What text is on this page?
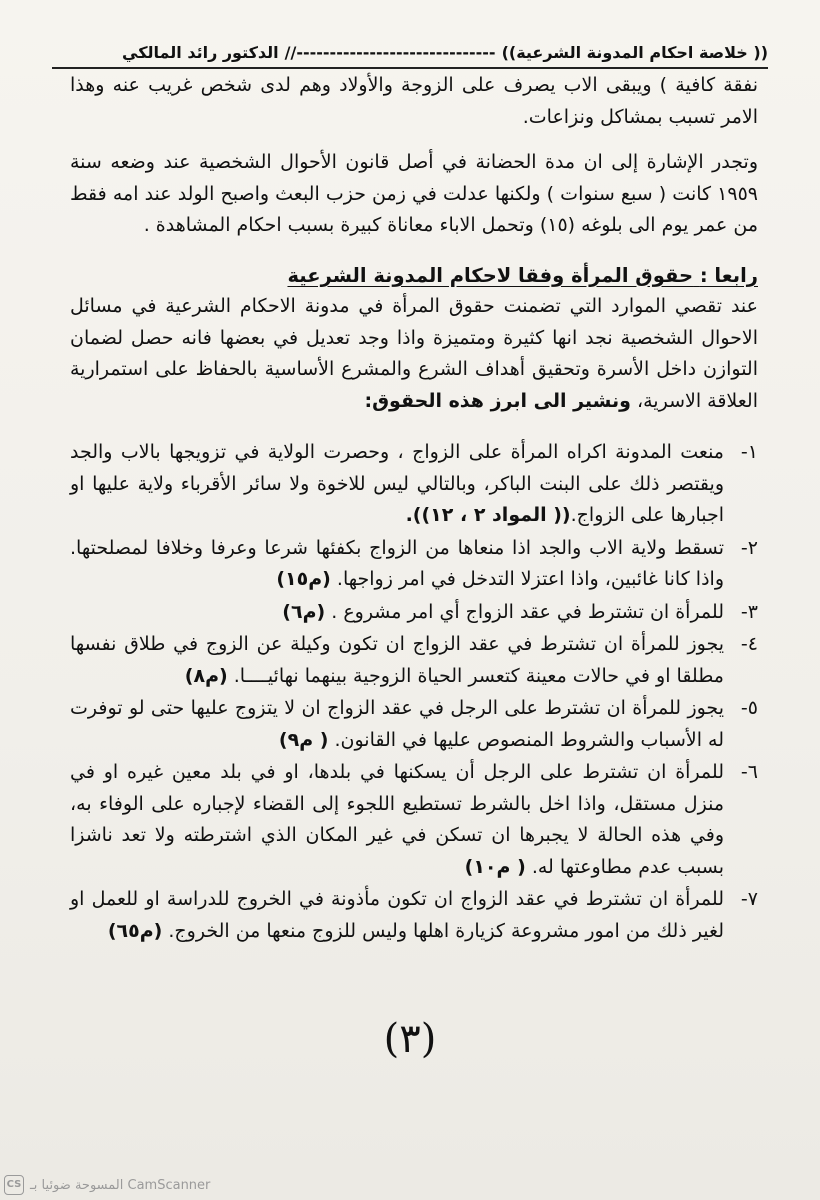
(( خلاصة احكام المدونة الشرعية))
------------------------------//
الدكتور رائد المالكي

نفقة كافية ) ويبقى الاب يصرف على الزوجة والأولاد وهم لدى شخص غريب عنه وهذا الامر تسبب بمشاكل ونزاعات.

وتجدر الإشارة إلى ان مدة الحضانة في أصل قانون الأحوال الشخصية عند وضعه سنة ١٩٥٩ كانت ( سبع سنوات ) ولكنها عدلت في زمن حزب البعث واصبح الولد عند امه فقط من عمر يوم الى بلوغه (١٥) وتحمل الاباء معاناة كبيرة بسبب احكام المشاهدة .

رابعا : حقوق المرأة وفقا لاحكام المدونة الشرعية

عند تقصي الموارد التي تضمنت حقوق المرأة في مدونة الاحكام الشرعية في مسائل الاحوال الشخصية نجد انها كثيرة ومتميزة واذا وجد تعديل في بعضها فانه حصل لضمان التوازن داخل الأسرة وتحقيق أهداف الشرع والمشرع الأساسية بالحفاظ على استمرارية العلاقة الاسرية، ونشير الى ابرز هذه الحقوق:

١-
منعت المدونة اكراه المرأة على الزواج ، وحصرت الولاية في تزويجها بالاب والجد ويقتصر ذلك على البنت الباكر، وبالتالي ليس للاخوة ولا سائر الأقرباء ولاية عليها او اجبارها على الزواج.(( المواد ٢ ، ١٢)).
٢-
تسقط ولاية الاب والجد اذا منعاها من الزواج بكفئها شرعا وعرفا وخلافا لمصلحتها. واذا كانا غائبين، واذا اعتزلا التدخل في امر زواجها. (م١٥)
٣-
للمرأة ان تشترط في عقد الزواج أي امر مشروع . (م٦)
٤-
يجوز للمرأة ان تشترط في عقد الزواج ان تكون وكيلة عن الزوج في طلاق نفسها مطلقا او في حالات معينة كتعسر الحياة الزوجية بينهما نهائيــــا. (م٨)
٥-
يجوز للمرأة ان تشترط على الرجل في عقد الزواج ان لا يتزوج عليها حتى لو توفرت له الأسباب والشروط المنصوص عليها في القانون. ( م٩)
٦-
للمرأة ان تشترط على الرجل أن يسكنها في بلدها، او في بلد معين غيره او في منزل مستقل، واذا اخل بالشرط تستطيع اللجوء إلى القضاء لإجباره على الوفاء به، وفي هذه الحالة لا يجبرها ان تسكن في غير المكان الذي اشترطته ولا تعد ناشزا بسبب عدم مطاوعتها له. ( م١٠)
٧-
للمرأة ان تشترط في عقد الزواج ان تكون مأذونة في الخروج للدراسة او للعمل او لغير ذلك من امور مشروعة كزيارة اهلها وليس للزوج منعها من الخروج. (م٦٥)
(٣)
CS المسوحة ضوئيا بـ CamScanner
